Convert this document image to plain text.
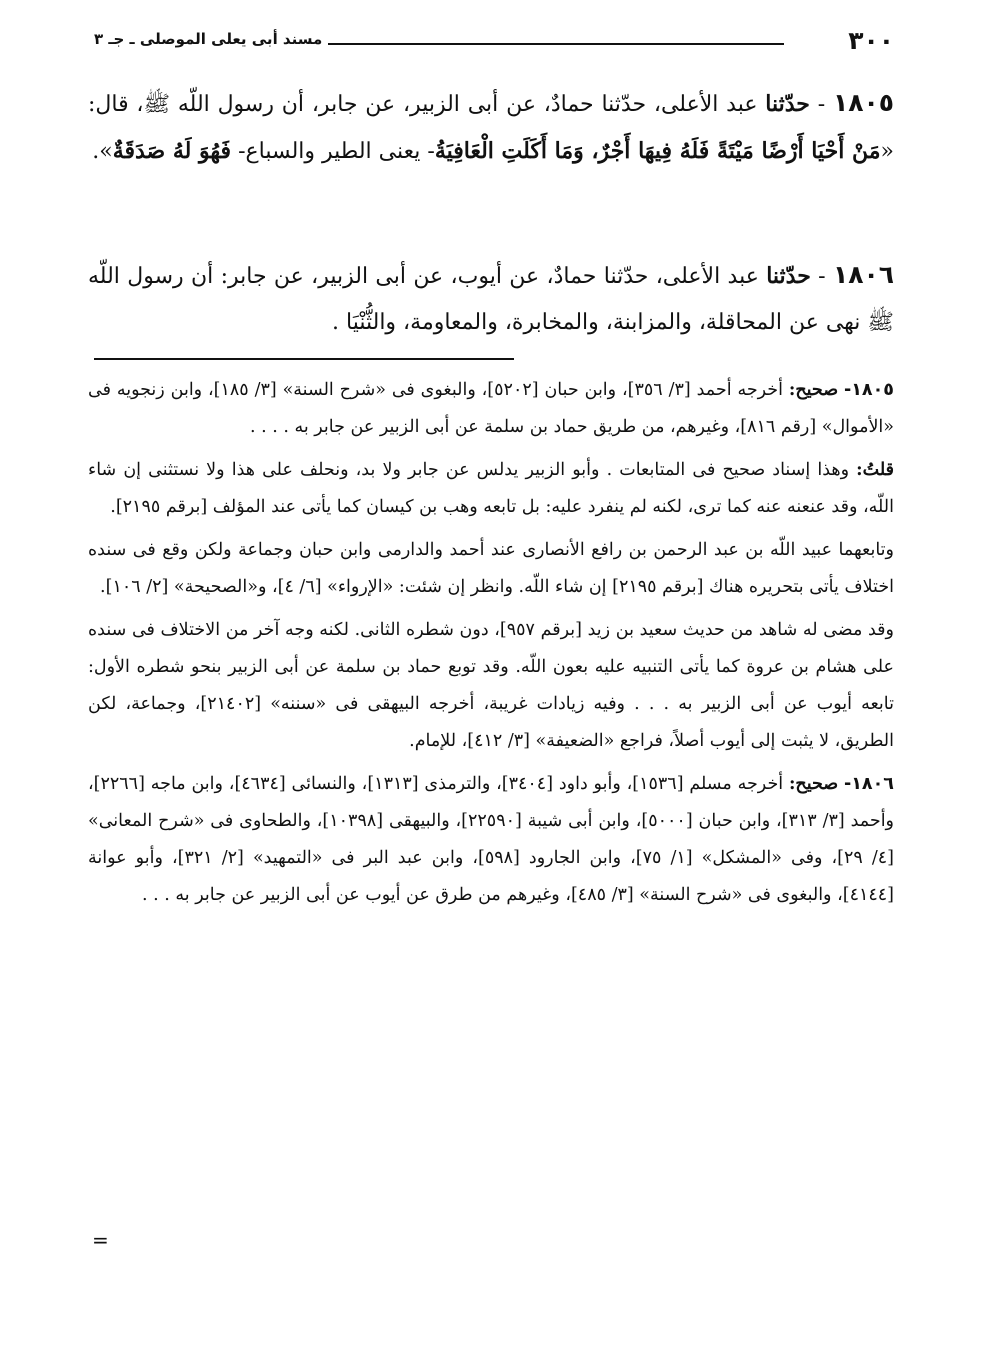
٣٠٠
مسند أبى يعلى الموصلى ـ جـ ٣
١٨٠٥ - حدّثنا عبد الأعلى، حدّثنا حمادٌ، عن أبى الزبير، عن جابر، أن رسول اللّه ﷺ، قال: «مَنْ أَحْيَا أَرْضًا مَيْتَةً فَلَهُ فِيهَا أَجْرٌ، وَمَا أَكَلَتِ الْعَافِيَةُ- يعنى الطير والسباع- فَهُوَ لَهُ صَدَقَةٌ».
١٨٠٦ - حدّثنا عبد الأعلى، حدّثنا حمادٌ، عن أيوب، عن أبى الزبير، عن جابر: أن رسول اللّه ﷺ نهى عن المحاقلة، والمزابنة، والمخابرة، والمعاومة، والثُّنْيَا .

١٨٠٥- صحيح: أخرجه أحمد [٣/ ٣٥٦]، وابن حبان [٥٢٠٢]، والبغوى فى «شرح السنة» [٣/ ١٨٥]، وابن زنجويه فى «الأموال» [رقم ٨١٦]، وغيرهم، من طريق حماد بن سلمة عن أبى الزبير عن جابر به . . . .

قلتُ: وهذا إسناد صحيح فى المتابعات . وأبو الزبير يدلس عن جابر ولا بد، ونحلف على هذا ولا نستثنى إن شاء اللّه، وقد عنعنه عنه كما ترى، لكنه لم ينفرد عليه: بل تابعه وهب بن كيسان كما يأتى عند المؤلف [برقم ٢١٩٥].

وتابعهما عبيد اللّه بن عبد الرحمن بن رافع الأنصارى عند أحمد والدارمى وابن حبان وجماعة ولكن وقع فى سنده اختلاف يأتى بتحريره هناك [برقم ٢١٩٥] إن شاء اللّه. وانظر إن شئت: «الإرواء» [٦/ ٤]، و«الصحيحة» [٢/ ١٠٦].

وقد مضى له شاهد من حديث سعيد بن زيد [برقم ٩٥٧]، دون شطره الثانى. لكنه وجه آخر من الاختلاف فى سنده على هشام بن عروة كما يأتى التنبيه عليه بعون اللّه. وقد توبع حماد بن سلمة عن أبى الزبير بنحو شطره الأول: تابعه أيوب عن أبى الزبير به . . . وفيه زيادات غريبة، أخرجه البيهقى فى «سننه» [٢١٤٠٢]، وجماعة، لكن الطريق، لا يثبت إلى أيوب أصلاً، فراجع «الضعيفة» [٣/ ٤١٢]، للإمام.

١٨٠٦- صحيح: أخرجه مسلم [١٥٣٦]، وأبو داود [٣٤٠٤]، والترمذى [١٣١٣]، والنسائى [٤٦٣٤]، وابن ماجه [٢٢٦٦]، وأحمد [٣/ ٣١٣]، وابن حبان [٥٠٠٠]، وابن أبى شيبة [٢٢٥٩٠]، والبيهقى [١٠٣٩٨]، والطحاوى فى «شرح المعانى» [٤/ ٢٩]، وفى «المشكل» [١/ ٧٥]، وابن الجارود [٥٩٨]، وابن عبد البر فى «التمهيد» [٢/ ٣٢١]، وأبو عوانة [٤١٤٤]، والبغوى فى «شرح السنة» [٣/ ٤٨٥]، وغيرهم من طرق عن أيوب عن أبى الزبير عن جابر به . . .

=
